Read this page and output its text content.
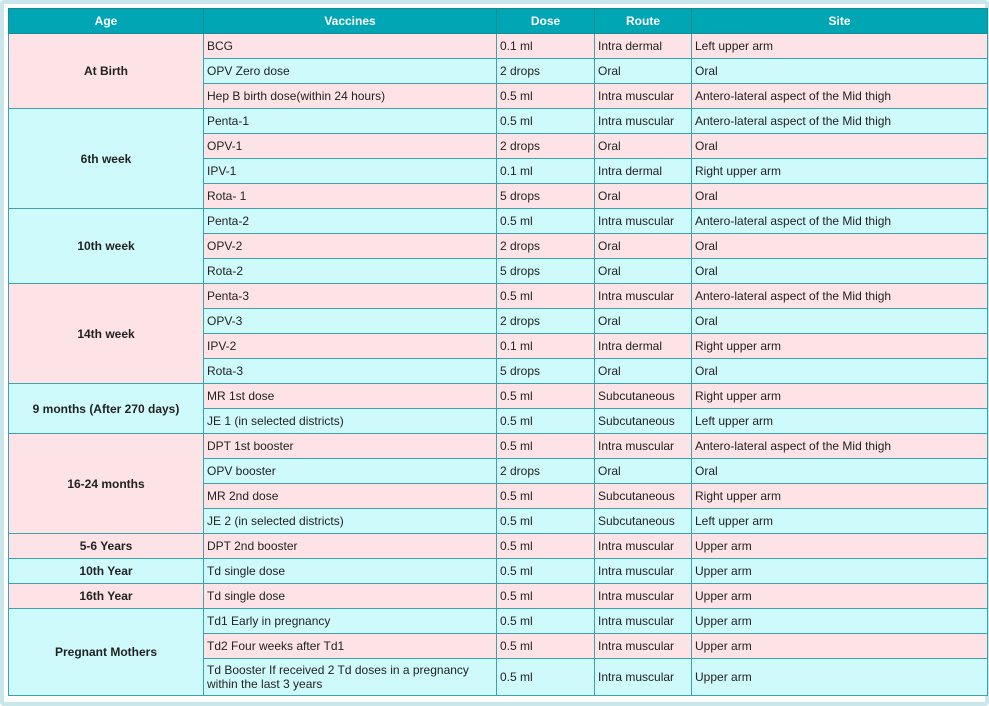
Age	Vaccines	Dose	Route	Site
At Birth	BCG	0.1 ml	Intra dermal	Left upper arm
	OPV Zero dose	2 drops	Oral	Oral
	Hep B birth dose(within 24 hours)	0.5 ml	Intra muscular	Antero-lateral aspect of the Mid thigh
6th week	Penta-1	0.5 ml	Intra muscular	Antero-lateral aspect of the Mid thigh
	OPV-1	2 drops	Oral	Oral
	IPV-1	0.1 ml	Intra dermal	Right upper arm
	Rota- 1	5 drops	Oral	Oral
10th week	Penta-2	0.5 ml	Intra muscular	Antero-lateral aspect of the Mid thigh
	OPV-2	2 drops	Oral	Oral
	Rota-2	5 drops	Oral	Oral
14th week	Penta-3	0.5 ml	Intra muscular	Antero-lateral aspect of the Mid thigh
	OPV-3	2 drops	Oral	Oral
	IPV-2	0.1 ml	Intra dermal	Right upper arm
	Rota-3	5 drops	Oral	Oral
9 months (After 270 days)	MR 1st dose	0.5 ml	Subcutaneous	Right upper arm
	JE 1 (in selected districts)	0.5 ml	Subcutaneous	Left upper arm
16-24 months	DPT 1st booster	0.5 ml	Intra muscular	Antero-lateral aspect of the Mid thigh
	OPV booster	2 drops	Oral	Oral
	MR 2nd dose	0.5 ml	Subcutaneous	Right upper arm
	JE 2 (in selected districts)	0.5 ml	Subcutaneous	Left upper arm
5-6 Years	DPT 2nd booster	0.5 ml	Intra muscular	Upper arm
10th Year	Td single dose	0.5 ml	Intra muscular	Upper arm
16th Year	Td single dose	0.5 ml	Intra muscular	Upper arm
Pregnant Mothers	Td1 Early in pregnancy	0.5 ml	Intra muscular	Upper arm
	Td2 Four weeks after Td1	0.5 ml	Intra muscular	Upper arm
	Td Booster If received 2 Td doses in a pregnancy within the last 3 years	0.5 ml	Intra muscular	Upper arm
